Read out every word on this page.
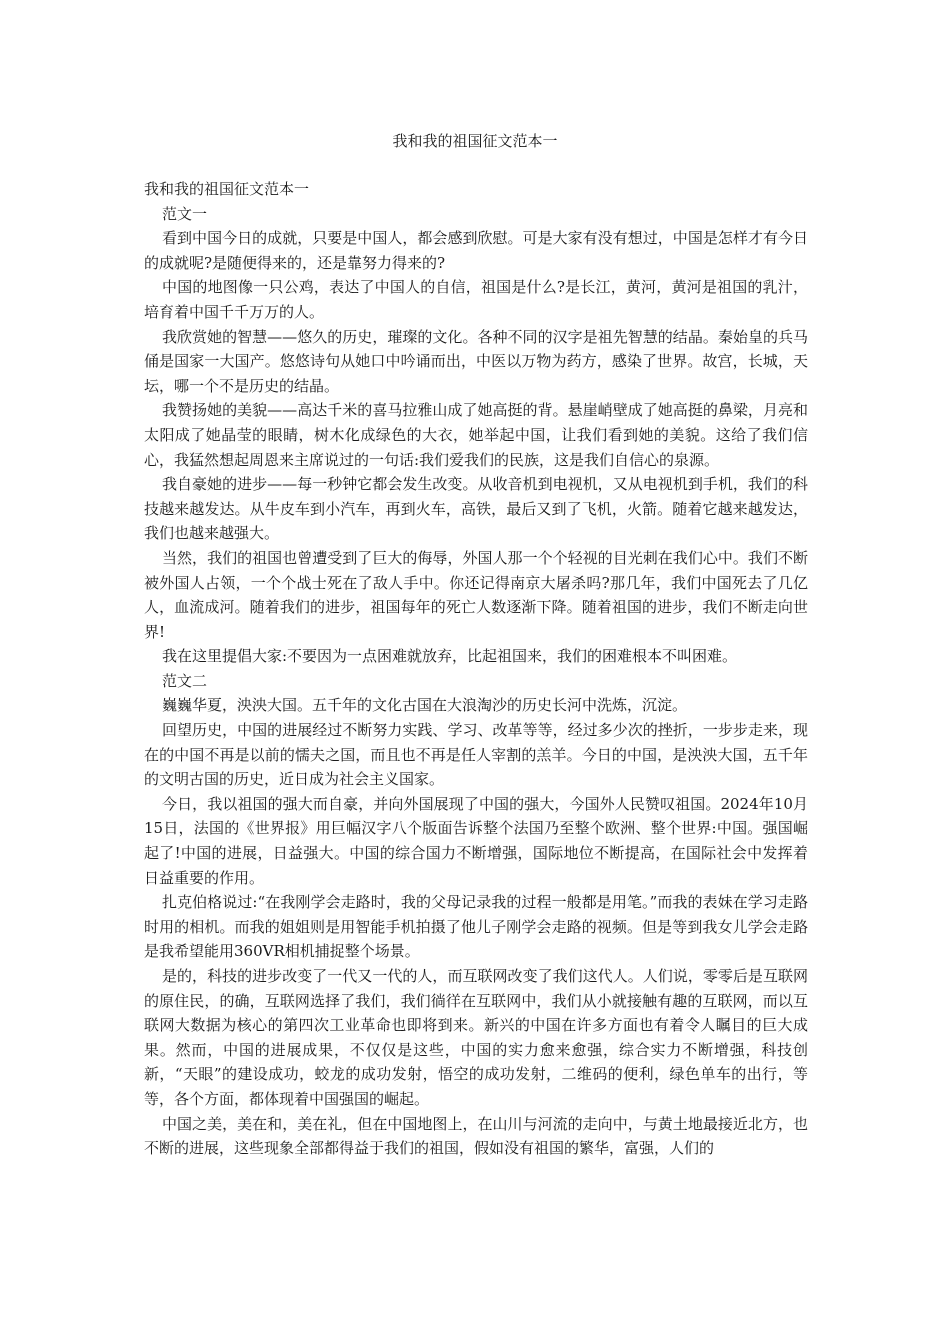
我和我的祖国征文范本一

我和我的祖国征文范本一

范文一

看到中国今日的成就，只要是中国人，都会感到欣慰。可是大家有没有想过，中国是怎样才有今日的成就呢?是随便得来的，还是靠努力得来的?

中国的地图像一只公鸡，表达了中国人的自信，祖国是什么?是长江，黄河，黄河是祖国的乳汁，培育着中国千千万万的人。

我欣赏她的智慧——悠久的历史，璀璨的文化。各种不同的汉字是祖先智慧的结晶。秦始皇的兵马俑是国家一大国产。悠悠诗句从她口中吟诵而出，中医以万物为药方，感染了世界。故宫，长城，天坛，哪一个不是历史的结晶。

我赞扬她的美貌——高达千米的喜马拉雅山成了她高挺的背。悬崖峭壁成了她高挺的鼻梁，月亮和太阳成了她晶莹的眼睛，树木化成绿色的大衣，她举起中国，让我们看到她的美貌。这给了我们信心，我猛然想起周恩来主席说过的一句话:我们爱我们的民族，这是我们自信心的泉源。

我自豪她的进步——每一秒钟它都会发生改变。从收音机到电视机，又从电视机到手机，我们的科技越来越发达。从牛皮车到小汽车，再到火车，高铁，最后又到了飞机，火箭。随着它越来越发达，我们也越来越强大。

当然，我们的祖国也曾遭受到了巨大的侮辱，外国人那一个个轻视的目光刺在我们心中。我们不断被外国人占领，一个个战士死在了敌人手中。你还记得南京大屠杀吗?那几年，我们中国死去了几亿人，血流成河。随着我们的进步，祖国每年的死亡人数逐渐下降。随着祖国的进步，我们不断走向世界!

我在这里提倡大家:不要因为一点困难就放弃，比起祖国来，我们的困难根本不叫困难。

范文二

巍巍华夏，泱泱大国。五千年的文化古国在大浪淘沙的历史长河中洗炼，沉淀。

回望历史，中国的进展经过不断努力实践、学习、改革等等，经过多少次的挫折，一步步走来，现在的中国不再是以前的懦夫之国，而且也不再是任人宰割的羔羊。今日的中国，是泱泱大国，五千年的文明古国的历史，近日成为社会主义国家。

今日，我以祖国的强大而自豪，并向外国展现了中国的强大，今国外人民赞叹祖国。2024年10月15日，法国的《世界报》用巨幅汉字八个版面告诉整个法国乃至整个欧洲、整个世界:中国。强国崛起了!中国的进展，日益强大。中国的综合国力不断增强，国际地位不断提高，在国际社会中发挥着日益重要的作用。

扎克伯格说过:“在我刚学会走路时，我的父母记录我的过程一般都是用笔。”而我的表妹在学习走路时用的相机。而我的姐姐则是用智能手机拍摄了他儿子刚学会走路的视频。但是等到我女儿学会走路是我希望能用360VR相机捕捉整个场景。

是的，科技的进步改变了一代又一代的人，而互联网改变了我们这代人。人们说，零零后是互联网的原住民，的确，互联网选择了我们，我们徜徉在互联网中，我们从小就接触有趣的互联网，而以互联网大数据为核心的第四次工业革命也即将到来。新兴的中国在许多方面也有着令人瞩目的巨大成果。然而，中国的进展成果，不仅仅是这些，中国的实力愈来愈强，综合实力不断增强，科技创新，“天眼”的建设成功，蛟龙的成功发射，悟空的成功发射，二维码的便利，绿色单车的出行，等等，各个方面，都体现着中国强国的崛起。

中国之美，美在和，美在礼，但在中国地图上，在山川与河流的走向中，与黄土地最接近北方，也不断的进展，这些现象全部都得益于我们的祖国，假如没有祖国的繁华，富强，人们的
